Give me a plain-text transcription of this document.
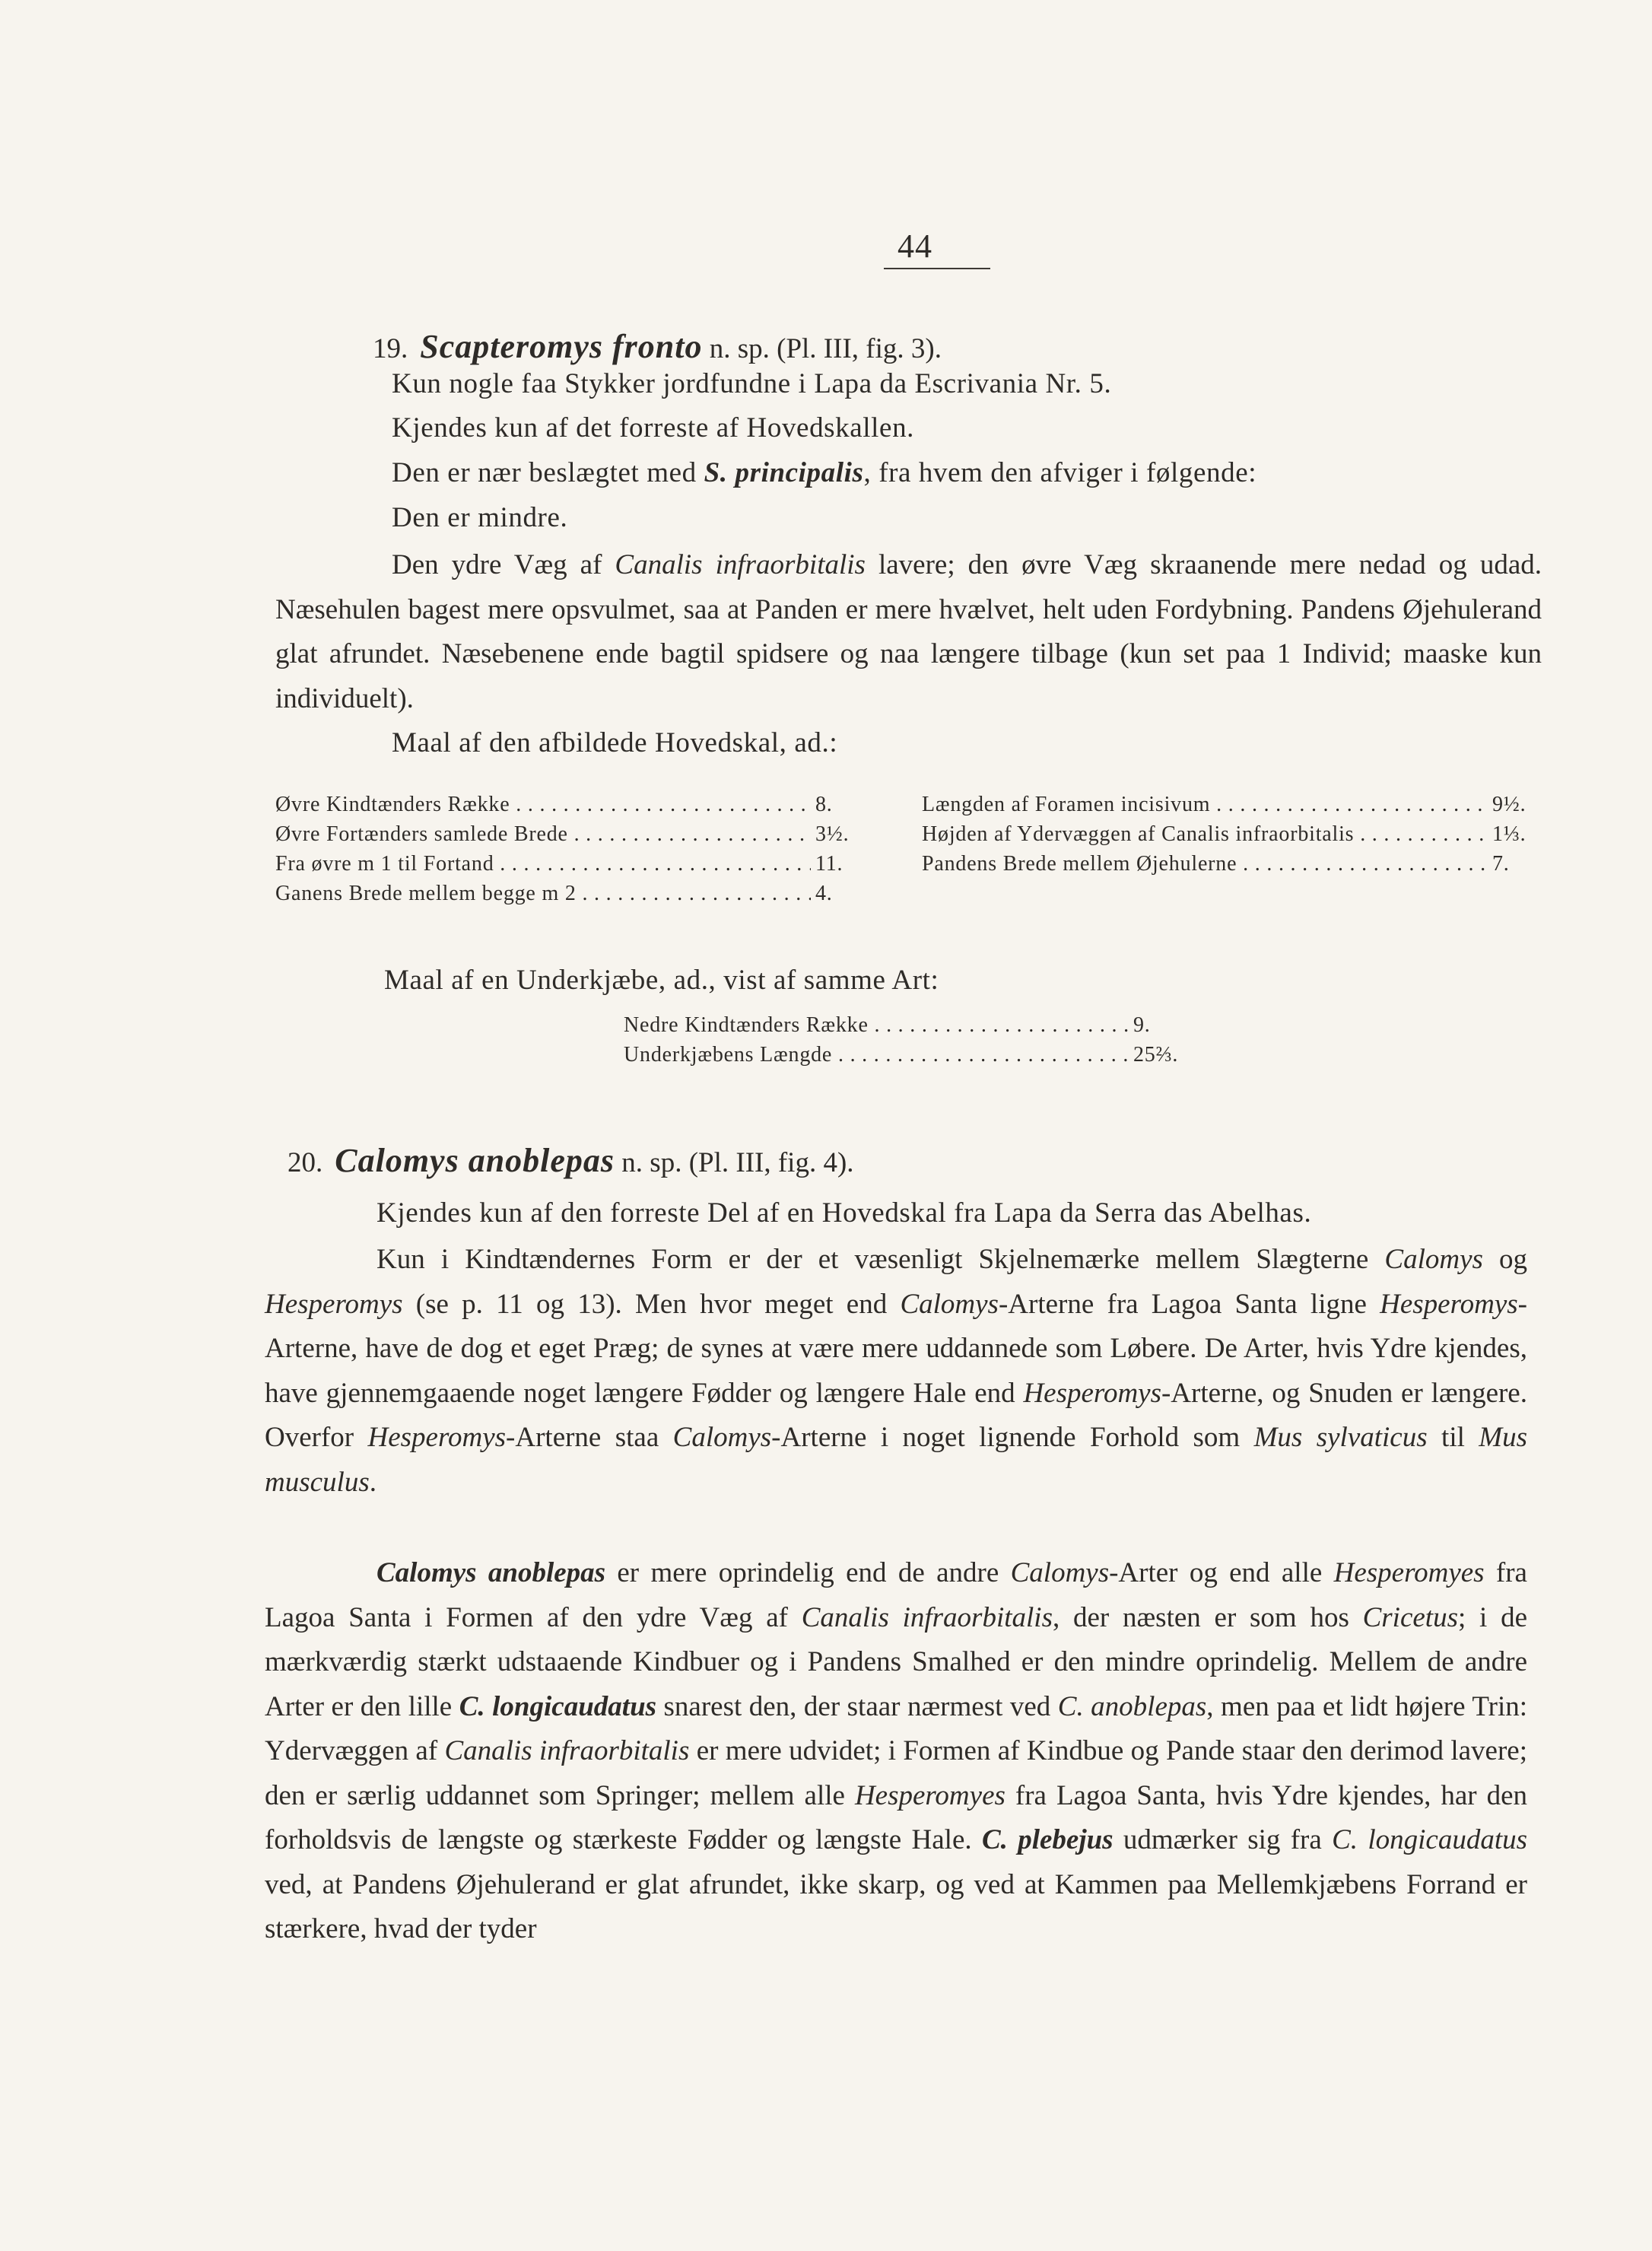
44
19. Scapteromys fronto n. sp. (Pl. III, fig. 3).
Kun nogle faa Stykker jordfundne i Lapa da Escrivania Nr. 5.
Kjendes kun af det forreste af Hovedskallen.
Den er nær beslægtet med S. principalis, fra hvem den afviger i følgende:
Den er mindre.
Den ydre Væg af Canalis infraorbitalis lavere; den øvre Væg skraanende mere nedad og udad. Næsehulen bagest mere opsvulmet, saa at Panden er mere hvælvet, helt uden Fordybning. Pandens Øjehulerand glat afrundet. Næsebenene ende bagtil spidsere og naa længere tilbage (kun set paa 1 Individ; maaske kun individuelt).
Maal af den afbildede Hovedskal, ad.:
Øvre Kindtænders Række . . .	8.
Øvre Fortænders samlede Brede . . .	3½.
Fra øvre m 1 til Fortand . . .	11.
Ganens Brede mellem begge m 2 . . .	4.
Længden af Foramen incisivum . . .	9½.
Højden af Ydervæggen af Canalis infraorbitalis . . .	1⅓.
Pandens Brede mellem Øjehulerne . . .	7.
Maal af en Underkjæbe, ad., vist af samme Art:
Nedre Kindtænders Række . . .	9.
Underkjæbens Længde . . .	25⅔.
20. Calomys anoblepas n. sp. (Pl. III, fig. 4).
Kjendes kun af den forreste Del af en Hovedskal fra Lapa da Serra das Abelhas.
Kun i Kindtændernes Form er der et væsenligt Skjelnemærke mellem Slægterne Calomys og Hesperomys (se p. 11 og 13). Men hvor meget end Calomys-Arterne fra Lagoa Santa ligne Hesperomys-Arterne, have de dog et eget Præg; de synes at være mere uddannede som Løbere. De Arter, hvis Ydre kjendes, have gjennemgaaende noget længere Fødder og længere Hale end Hesperomys-Arterne, og Snuden er længere. Overfor Hesperomys-Arterne staa Calomys-Arterne i noget lignende Forhold som Mus sylvaticus til Mus musculus.
Calomys anoblepas er mere oprindelig end de andre Calomys-Arter og end alle Hesperomyes fra Lagoa Santa i Formen af den ydre Væg af Canalis infraorbitalis, der næsten er som hos Cricetus; i de mærkværdig stærkt udstaaende Kindbuer og i Pandens Smalhed er den mindre oprindelig. Mellem de andre Arter er den lille C. longicaudatus snarest den, der staar nærmest ved C. anoblepas, men paa et lidt højere Trin: Ydervæggen af Canalis infraorbitalis er mere udvidet; i Formen af Kindbue og Pande staar den derimod lavere; den er særlig uddannet som Springer; mellem alle Hesperomyes fra Lagoa Santa, hvis Ydre kjendes, har den forholdsvis de længste og stærkeste Fødder og længste Hale. C. plebejus udmærker sig fra C. longicaudatus ved, at Pandens Øjehulerand er glat afrundet, ikke skarp, og ved at Kammen paa Mellemkjæbens Forrand er stærkere, hvad der tyder
